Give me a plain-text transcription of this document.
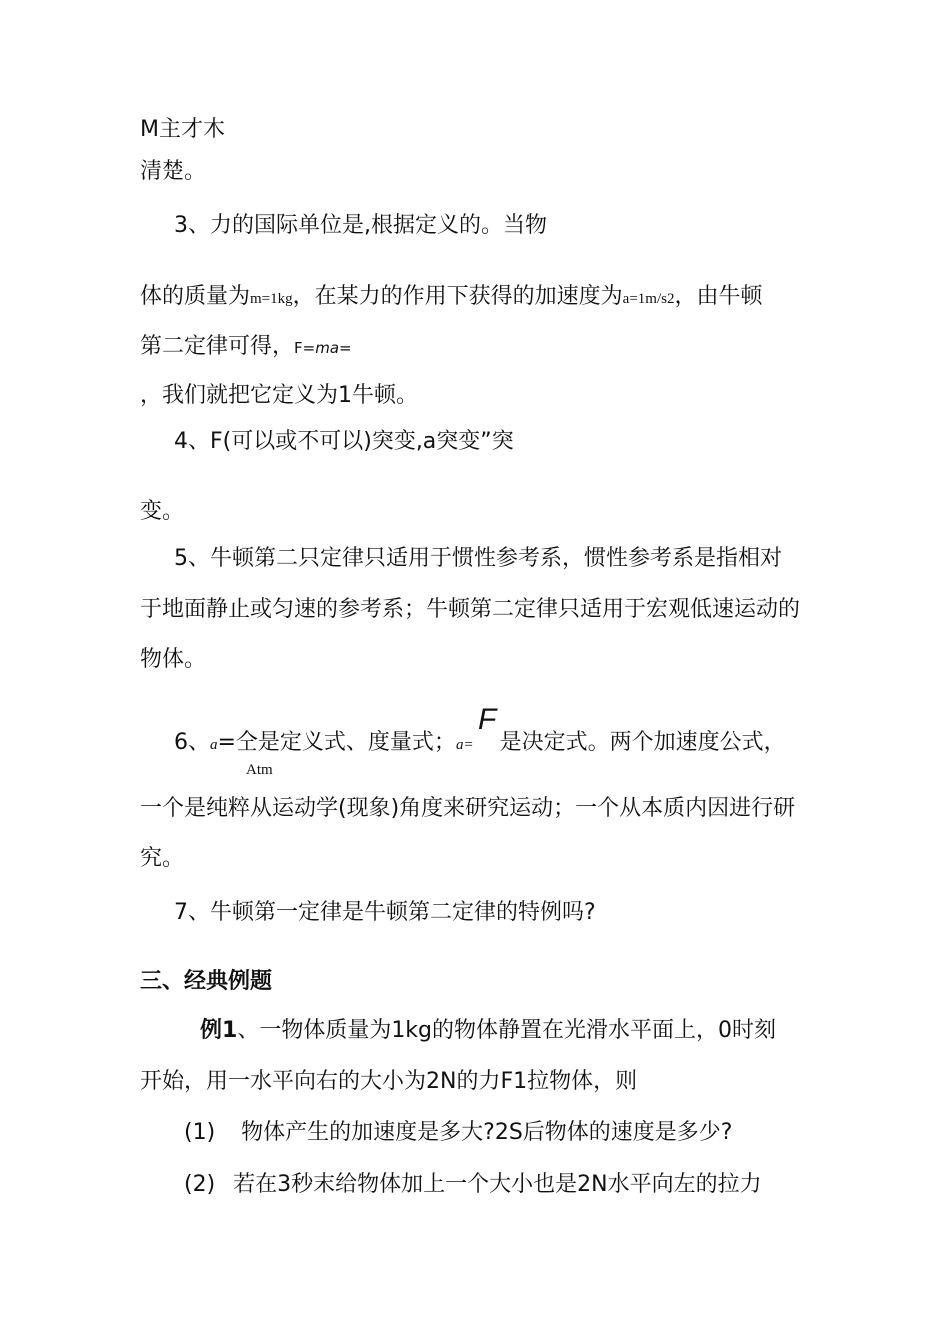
M主才木
清楚。
3、力的国际单位是,根据定义的。当物
体的质量为m=1kg，在某力的作用下获得的加速度为a=1m/s2，由牛顿
第二定律可得，F=ma=
，我们就把它定义为1牛顿。
4、F(可以或不可以)突变,a突变”突
变。
5、牛顿第二只定律只适用于惯性参考系，惯性参考系是指相对
于地面静止或匀速的参考系；牛顿第二定律只适用于宏观低速运动的
物体。
F
6、a=仝是定义式、度量式；a= 是决定式。两个加速度公式，
Atm
一个是纯粹从运动学(现象)角度来研究运动；一个从本质内因进行研
究。
7、牛顿第一定律是牛顿第二定律的特例吗?
三、经典例题
例1、一物体质量为1kg的物体静置在光滑水平面上，0时刻
开始，用一水平向右的大小为2N的力F1拉物体，则
(1) 物体产生的加速度是多大?2S后物体的速度是多少?
(2) 若在3秒末给物体加上一个大小也是2N水平向左的拉力
